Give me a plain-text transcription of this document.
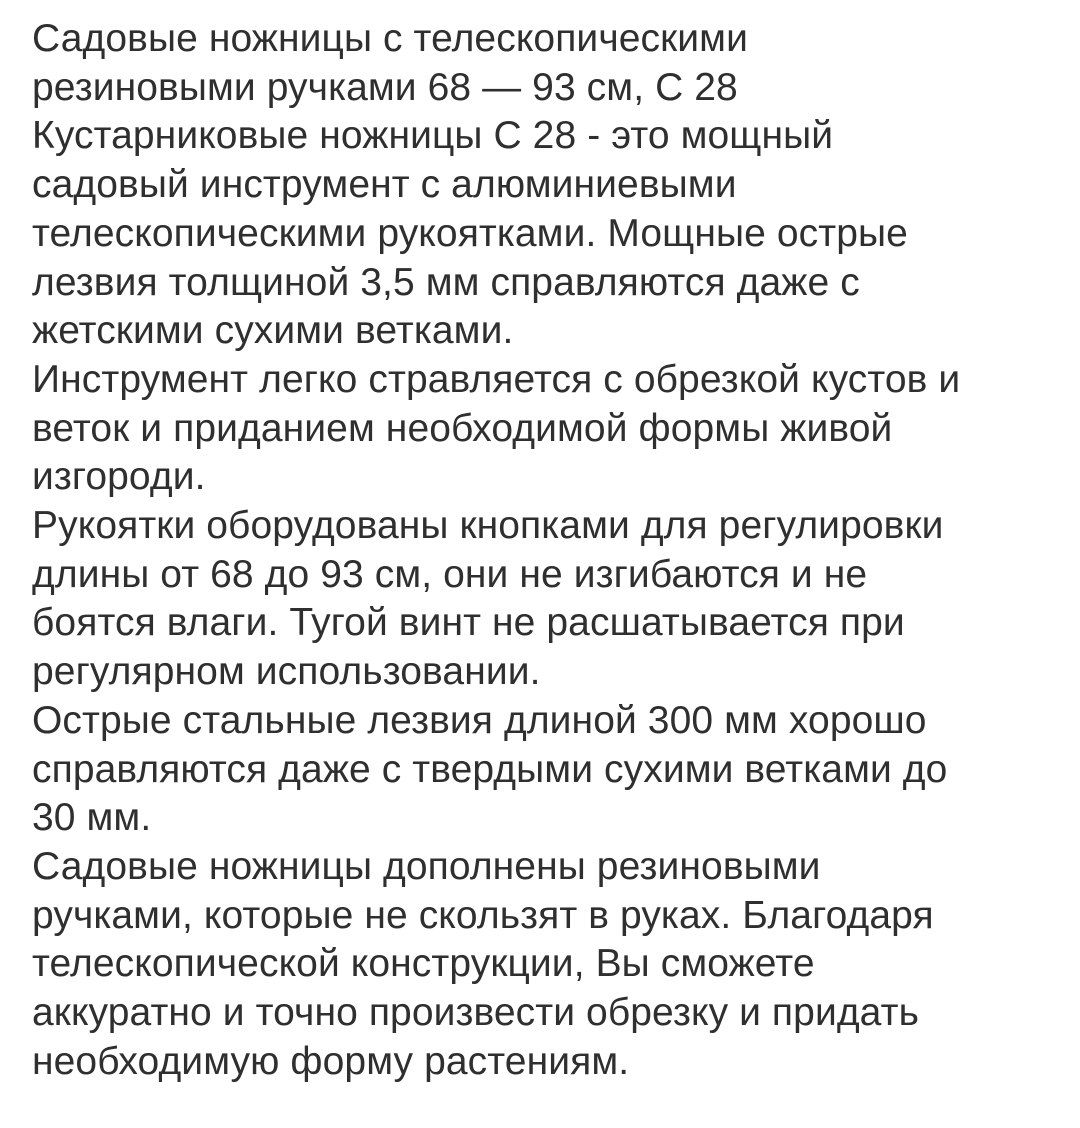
Садовые ножницы с телескопическими
резиновыми ручками 68 — 93 см, С 28
Кустарниковые ножницы С 28 - это мощный
садовый инструмент с алюминиевыми
телескопическими рукоятками. Мощные острые
лезвия толщиной 3,5 мм справляются даже с
жетскими сухими ветками.
Инструмент легко стравляется с обрезкой кустов и
веток и приданием необходимой формы живой
изгороди.
Рукоятки оборудованы кнопками для регулировки
длины от 68 до 93 см, они не изгибаются и не
боятся влаги. Тугой винт не расшатывается при
регулярном использовании.
Острые стальные лезвия длиной 300 мм хорошо
справляются даже с твердыми сухими ветками до
30 мм.
Садовые ножницы дополнены резиновыми
ручками, которые не скользят в руках. Благодаря
телескопической конструкции, Вы сможете
аккуратно и точно произвести обрезку и придать
необходимую форму растениям.
